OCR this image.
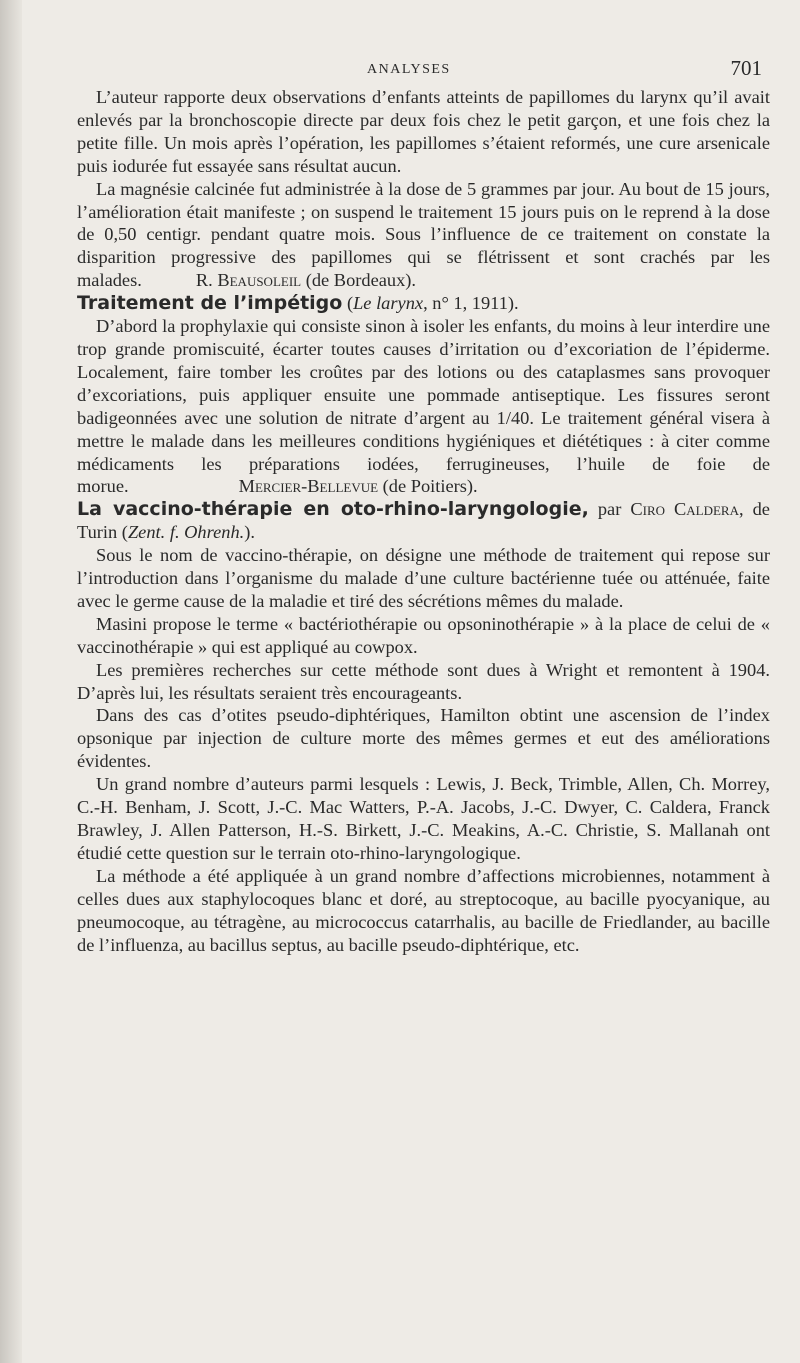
ANALYSES	701

L’auteur rapporte deux observations d’enfants atteints de papillomes du larynx qu’il avait enlevés par la bronchoscopie directe par deux fois chez le petit garçon, et une fois chez la petite fille. Un mois après l’opération, les papillomes s’étaient reformés, une cure arsenicale puis iodurée fut essayée sans résultat aucun.

La magnésie calcinée fut administrée à la dose de 5 grammes par jour. Au bout de 15 jours, l’amélioration était manifeste ; on suspend le traitement 15 jours puis on le reprend à la dose de 0,50 centigr. pendant quatre mois. Sous l’influence de ce traitement on constate la disparition progressive des papillomes qui se flétrissent et sont crachés par les malades.	R. Beausoleil (de Bordeaux).

Traitement de l’impétigo (Le larynx, n° 1, 1911).

D’abord la prophylaxie qui consiste sinon à isoler les enfants, du moins à leur interdire une trop grande promiscuité, écarter toutes causes d’irritation ou d’excoriation de l’épiderme. Localement, faire tomber les croûtes par des lotions ou des cataplasmes sans provoquer d’excoriations, puis appliquer ensuite une pommade antiseptique. Les fissures seront badigeonnées avec une solution de nitrate d’argent au 1/40. Le traitement général visera à mettre le malade dans les meilleures conditions hygiéniques et diététiques : à citer comme médicaments les préparations iodées, ferrugineuses, l’huile de foie de morue.	Mercier-Bellevue (de Poitiers).

La vaccino-thérapie en oto-rhino-laryngologie, par Ciro Caldera, de Turin (Zent. f. Ohrenh.).

Sous le nom de vaccino-thérapie, on désigne une méthode de traitement qui repose sur l’introduction dans l’organisme du malade d’une culture bactérienne tuée ou atténuée, faite avec le germe cause de la maladie et tiré des sécrétions mêmes du malade.

Masini propose le terme « bactériothérapie ou opsoninothérapie » à la place de celui de « vaccinothérapie » qui est appliqué au cowpox.

Les premières recherches sur cette méthode sont dues à Wright et remontent à 1904. D’après lui, les résultats seraient très encourageants.

Dans des cas d’otites pseudo-diphtériques, Hamilton obtint une ascension de l’index opsonique par injection de culture morte des mêmes germes et eut des améliorations évidentes.

Un grand nombre d’auteurs parmi lesquels : Lewis, J. Beck, Trimble, Allen, Ch. Morrey, C.-H. Benham, J. Scott, J.-C. Mac Watters, P.-A. Jacobs, J.-C. Dwyer, C. Caldera, Franck Brawley, J. Allen Patterson, H.-S. Birkett, J.-C. Meakins, A.-C. Christie, S. Mallanah ont étudié cette question sur le terrain oto-rhino-laryngologique.

La méthode a été appliquée à un grand nombre d’affections microbiennes, notamment à celles dues aux staphylocoques blanc et doré, au streptocoque, au bacille pyocyanique, au pneumocoque, au tétragène, au micrococcus catarrhalis, au bacille de Friedlander, au bacille de l’influenza, au bacillus septus, au bacille pseudo-diphtérique, etc.
